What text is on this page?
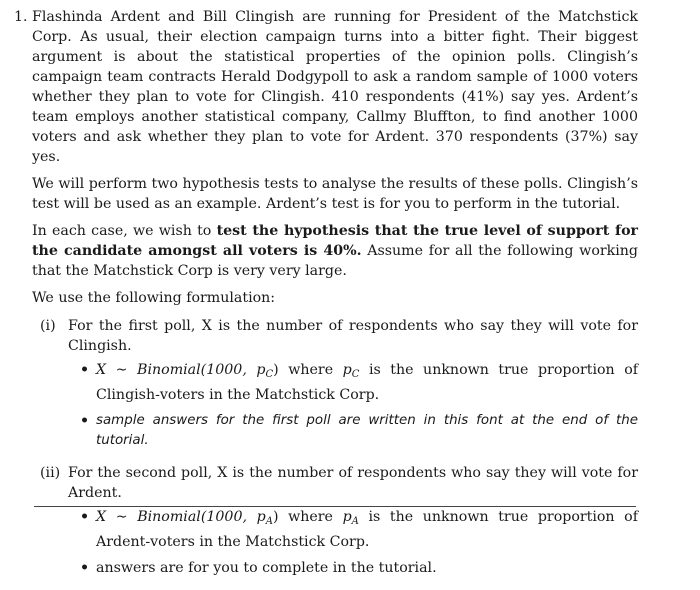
1. Flashinda Ardent and Bill Clingish are running for President of the Matchstick Corp. As usual, their election campaign turns into a bitter fight. Their biggest argument is about the statistical properties of the opinion polls. Clingish’s campaign team contracts Herald Dodgypoll to ask a random sample of 1000 voters whether they plan to vote for Clingish. 410 respondents (41%) say yes. Ardent’s team employs another statistical company, Callmy Bluffton, to find another 1000 voters and ask whether they plan to vote for Ardent. 370 respondents (37%) say yes.

We will perform two hypothesis tests to analyse the results of these polls. Clingish’s test will be used as an example. Ardent’s test is for you to perform in the tutorial.

In each case, we wish to test the hypothesis that the true level of support for the candidate amongst all voters is 40%. Assume for all the following working that the Matchstick Corp is very very large.

We use the following formulation:

(i) For the first poll, X is the number of respondents who say they will vote for Clingish.

• X ∼ Binomial(1000, $p_C$) where $p_C$ is the unknown true proportion of Clingish-voters in the Matchstick Corp.
• sample answers for the first poll are written in this font at the end of the tutorial.
(ii) For the second poll, X is the number of respondents who say they will vote for Ardent.

• X ∼ Binomial(1000, $p_A$) where $p_A$ is the unknown true proportion of Ardent-voters in the Matchstick Corp.
• answers are for you to complete in the tutorial.
